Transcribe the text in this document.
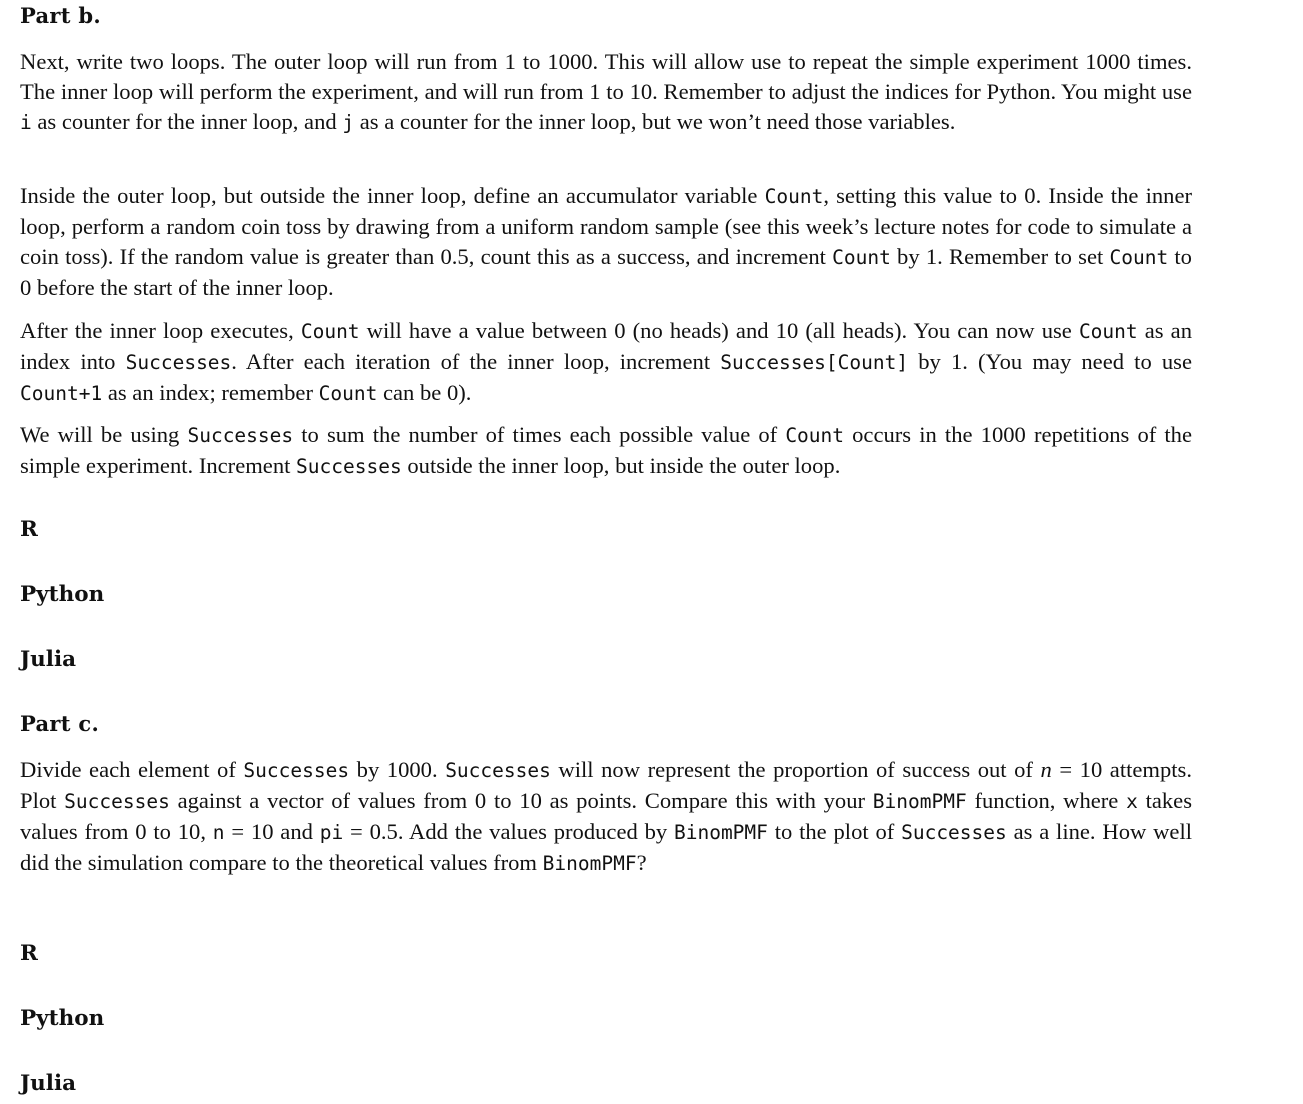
Part b.

Next, write two loops. The outer loop will run from 1 to 1000. This will allow use to repeat the simple experiment 1000 times. The inner loop will perform the experiment, and will run from 1 to 10. Remember to adjust the indices for Python. You might use i as counter for the inner loop, and j as a counter for the inner loop, but we won’t need those variables.

Inside the outer loop, but outside the inner loop, define an accumulator variable Count, setting this value to 0. Inside the inner loop, perform a random coin toss by drawing from a uniform random sample (see this week’s lecture notes for code to simulate a coin toss). If the random value is greater than 0.5, count this as a success, and increment Count by 1. Remember to set Count to 0 before the start of the inner loop.

After the inner loop executes, Count will have a value between 0 (no heads) and 10 (all heads). You can now use Count as an index into Successes. After each iteration of the inner loop, increment Successes[Count] by 1. (You may need to use Count+1 as an index; remember Count can be 0).

We will be using Successes to sum the number of times each possible value of Count occurs in the 1000 repetitions of the simple experiment. Increment Successes outside the inner loop, but inside the outer loop.

R
Python
Julia
Part c.

Divide each element of Successes by 1000. Successes will now represent the proportion of success out of n = 10 attempts. Plot Successes against a vector of values from 0 to 10 as points. Compare this with your BinomPMF function, where x takes values from 0 to 10, n = 10 and pi = 0.5. Add the values produced by BinomPMF to the plot of Successes as a line. How well did the simulation compare to the theoretical values from BinomPMF?

R
Python
Julia
